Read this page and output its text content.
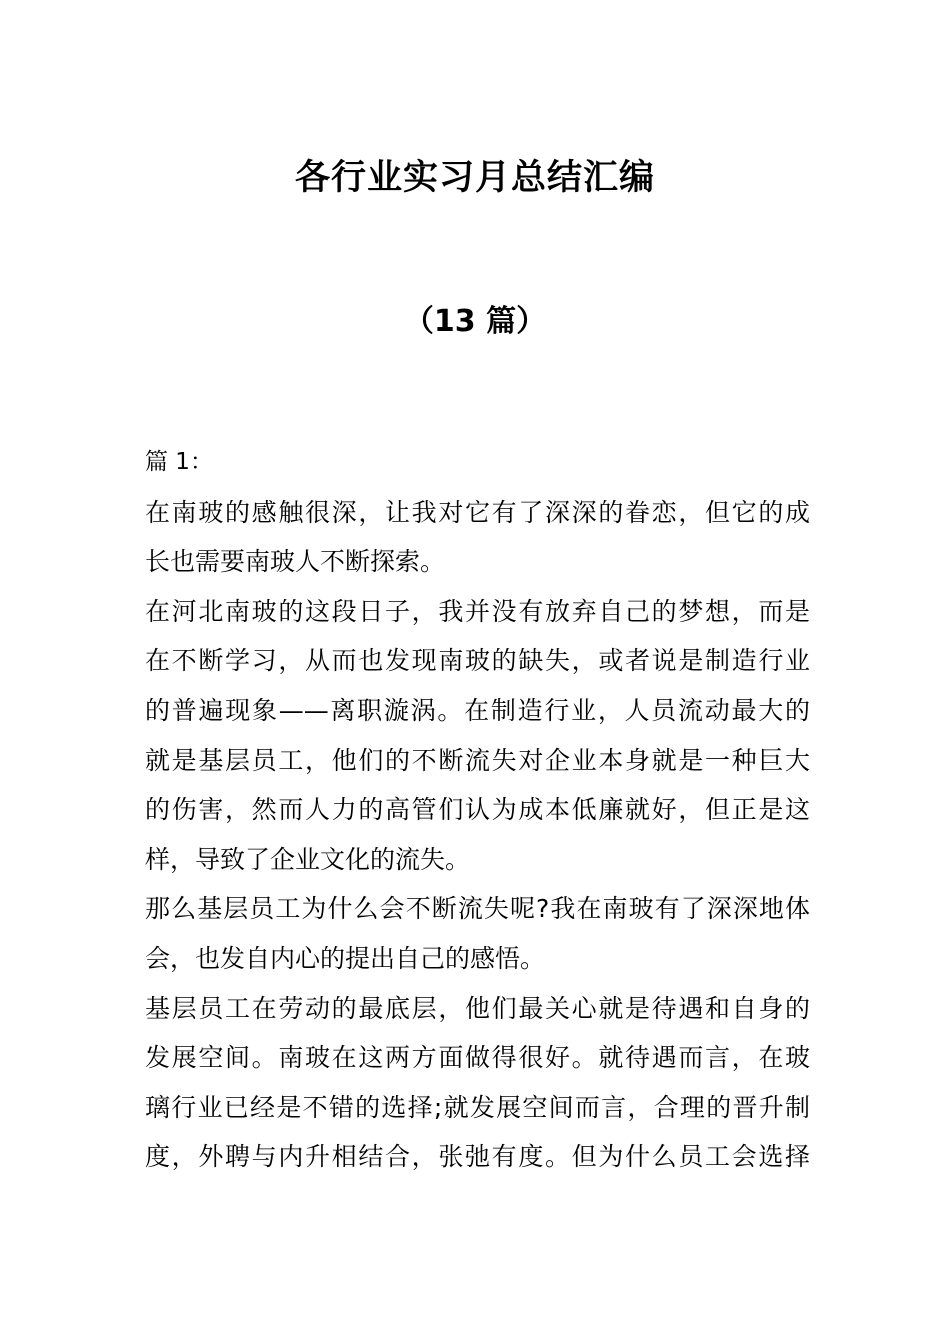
各行业实习月总结汇编
（13 篇）
篇 1：
在南玻的感触很深，让我对它有了深深的眷恋，但它的成
长也需要南玻人不断探索。
在河北南玻的这段日子，我并没有放弃自己的梦想，而是
在不断学习，从而也发现南玻的缺失，或者说是制造行业
的普遍现象——离职漩涡。在制造行业，人员流动最大的
就是基层员工，他们的不断流失对企业本身就是一种巨大
的伤害，然而人力的高管们认为成本低廉就好，但正是这
样，导致了企业文化的流失。
那么基层员工为什么会不断流失呢?我在南玻有了深深地体
会，也发自内心的提出自己的感悟。
基层员工在劳动的最底层，他们最关心就是待遇和自身的
发展空间。南玻在这两方面做得很好。就待遇而言，在玻
璃行业已经是不错的选择;就发展空间而言，合理的晋升制
度，外聘与内升相结合，张弛有度。但为什么员工会选择
